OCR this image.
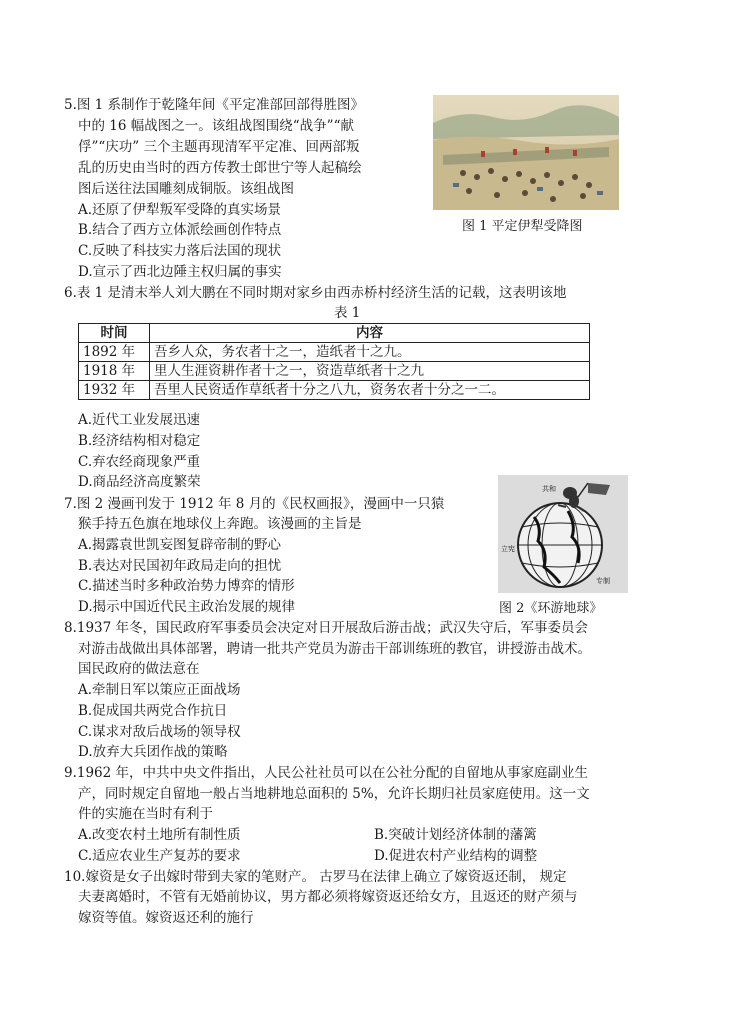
5.图 1 系制作于乾隆年间《平定准部回部得胜图》
中的 16 幅战图之一。该组战图围绕“战争”“献
俘”“庆功” 三个主题再现清军平定准、回两部叛
乱的历史由当时的西方传教士郎世宁等人起稿绘
图后送往法国雕刻成铜版。该组战图
A.还原了伊犁叛军受降的真实场景
B.结合了西方立体派绘画创作特点
C.反映了科技实力落后法国的现状
D.宣示了西北边陲主权归属的事实
图 1 平定伊犁受降图
6.表 1 是清末举人刘大鹏在不同时期对家乡由西赤桥村经济生活的记载，这表明该地
表 1
时间	内容
1892 年	吾乡人众，务农者十之一，造纸者十之九。
1918 年	里人生涯资耕作者十之一，资造草纸者十之九
1932 年	吾里人民资适作草纸者十分之八九，资务农者十分之一二。
A.近代工业发展迅速
B.经济结构相对稳定
C.弃农经商现象严重
D.商品经济高度繁荣
7.图 2 漫画刊发于 1912 年 8 月的《民权画报》，漫画中一只猿
猴手持五色旗在地球仪上奔跑。该漫画的主旨是
A.揭露袁世凯妄图复辟帝制的野心
B.表达对民国初年政局走向的担忧
C.描述当时多种政治势力博弈的情形
D.揭示中国近代民主政治发展的规律
共和
立宪
专制
图 2《环游地球》
8.1937 年冬，国民政府军事委员会决定对日开展敌后游击战；武汉失守后，军事委员会
对游击战做出具体部署，聘请一批共产党员为游击干部训练班的教官，讲授游击战术。
国民政府的做法意在
A.牵制日军以策应正面战场
B.促成国共两党合作抗日
C.谋求对敌后战场的领导权
D.放弃大兵团作战的策略
9.1962 年，中共中央文件指出，人民公社社员可以在公社分配的自留地从事家庭副业生
产，同时规定自留地一般占当地耕地总面积的 5%，允许长期归社员家庭使用。这一文
件的实施在当时有利于
A.改变农村土地所有制性质	B.突破计划经济体制的藩篱
C.适应农业生产复苏的要求	D.促进农村产业结构的调整
10.嫁资是女子出嫁时带到夫家的笔财产。 古罗马在法律上确立了嫁资返还制， 规定
夫妻离婚时，不管有无婚前协议，男方都必须将嫁资返还给女方，且返还的财产须与
嫁资等值。嫁资返还利的施行
